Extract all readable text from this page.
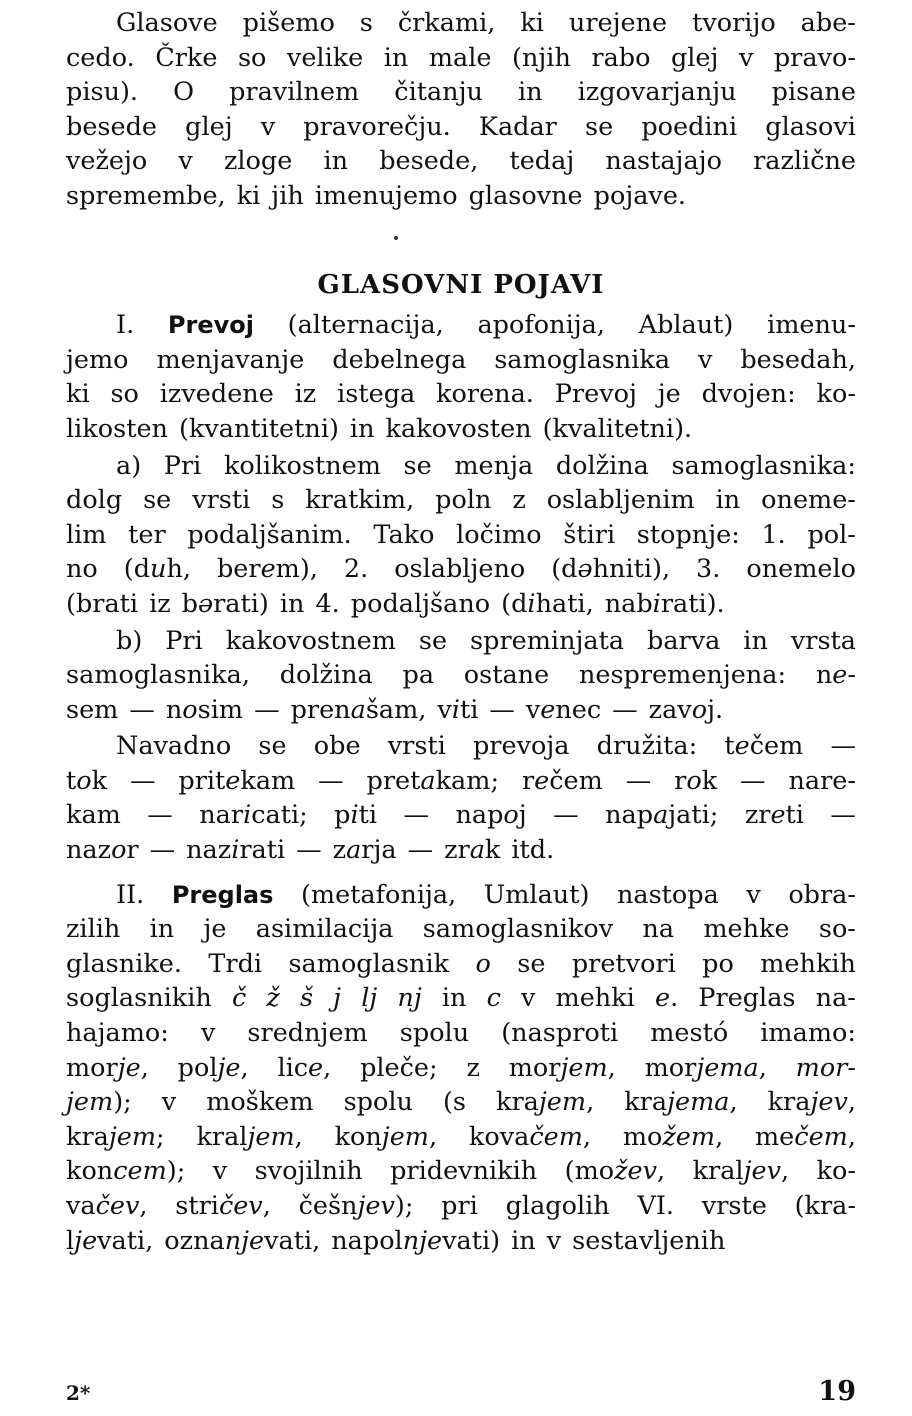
Glasove pišemo s črkami, ki urejene tvorijo abe-
cedo. Črke so velike in male (njih rabo glej v pravo-
pisu). O pravilnem čitanju in izgovarjanju pisane
besede glej v pravorečju. Kadar se poedini glasovi
vežejo v zloge in besede, tedaj nastajajo različne
spremembe, ki jih imenujemo glasovne pojave.
GLASOVNI POJAVI
I. Prevoj (alternacija, apofonija, Ablaut) imenu-
jemo menjavanje debelnega samoglasnika v besedah,
ki so izvedene iz istega korena. Prevoj je dvojen: ko-
likosten (kvantitetni) in kakovosten (kvalitetni).
a) Pri kolikostnem se menja dolžina samoglasnika:
dolg se vrsti s kratkim, poln z oslabljenim in oneme-
lim ter podaljšanim. Tako ločimo štiri stopnje: 1. pol-
no (duh, berem), 2. oslabljeno (dəhniti), 3. onemelo
(brati iz bərati) in 4. podaljšano (dihati, nabirati).
b) Pri kakovostnem se spreminjata barva in vrsta
samoglasnika, dolžina pa ostane nespremenjena: ne-
sem — nosim — prenašam, viti — venec — zavoj.
Navadno se obe vrsti prevoja družita: tečem —
tok — pritekam — pretakam; rečem — rok — nare-
kam — naricati; piti — napoj — napajati; zreti —
nazor — nazirati — zarja — zrak itd.
II. Preglas (metafonija, Umlaut) nastopa v obra-
zilih in je asimilacija samoglasnikov na mehke so-
glasnike. Trdi samoglasnik o se pretvori po mehkih
soglasnikih č ž š j lj nj in c v mehki e. Preglas na-
hajamo: v srednjem spolu (nasproti mestó imamo:
morje, polje, lice, plečе; z morjem, morjema, mor-
jem); v moškem spolu (s krajem, krajema, krajev,
krajem; kraljem, konjem, kovačem, možem, mečem,
koncem); v svojilnih pridevnikih (možev, kraljev, ko-
vačev, stričev, češnjev); pri glagolih VI. vrste (kra-
ljevati, oznanjevati, napolnjevati) in v sestavljenih
2*	19
